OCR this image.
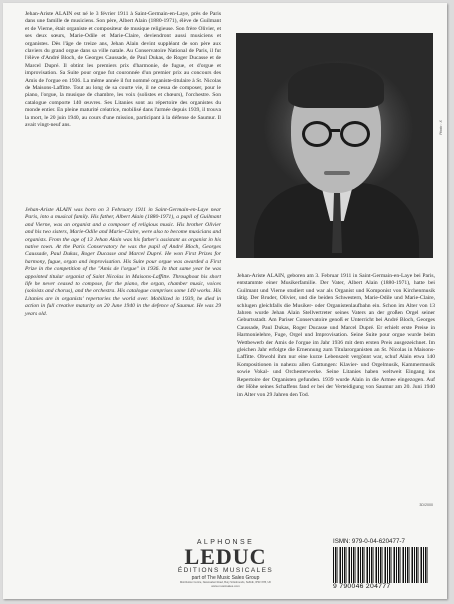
Jehan-Ariste ALAIN est né le 3 février 1911 à Saint-Germain-en-Laye, près de Paris dans une famille de musiciens. Son père, Albert Alain (1880-1971), élève de Guilmant et de Vierne, était organiste et compositeur de musique religieuse. Son frère Olivier, et ses deux sœurs, Marie-Odile et Marie-Claire, deviendront aussi musiciens et organistes. Dès l'âge de treize ans, Jehan Alain devint suppléant de son père aux claviers du grand orgue dans sa ville natale. Au Conservatoire National de Paris, il fut l'élève d'André Bloch, de Georges Caussade, de Paul Dukas, de Roger Ducasse et de Marcel Dupré. Il obtint les premiers prix d'harmonie, de fugue, et d'orgue et improvisation. Sa Suite pour orgue fut couronnée d'un premier prix au concours des Amis de l'orgue en 1936. La même année il fut nommé organiste-titulaire à St. Nicolas de Maisons-Laffitte. Tout au long de sa courte vie, il ne cessa de composer, pour le piano, l'orgue, la musique de chambre, les voix (solistes et chœurs), l'orchestre. Son catalogue comporte 140 œuvres. Ses Litanies sont au répertoire des organistes du monde entier. En pleine maturité créatrice, mobilisé dans l'armée depuis 1939, il trouva la mort, le 20 juin 1940, au cours d'une mission, participant à la défense de Saumur. Il avait vingt-neuf ans.

Jehan-Ariste ALAIN was born on 3 February 1911 in Saint-Germain-en-Laye near Paris, into a musical family. His father, Albert Alain (1880-1971), a pupil of Guilmant and Vierne, was an organist and a composer of religious music. His brother Olivier and his two sisters, Marie-Odile and Marie-Claire, were also to become musicians and organists. From the age of 13 Jehan Alain was his father's assistant as organist in his native town. At the Paris Conservatory he was the pupil of André Bloch, Georges Caussade, Paul Dukas, Roger Ducasse and Marcel Dupré. He won First Prizes for harmony, fugue, organ and improvisation. His Suite pour orgue was awarded a First Prize in the competition of the "Amis de l'orgue" in 1936. In that same year he was appointed titular organist of Saint Nicolas in Maisons-Laffitte. Throughout his short life he never ceased to compose, for the piano, the organ, chamber music, voices (soloists and chorus), and the orchestra. His catalogue comprises some 140 works. His Litanies are in organists' repertories the world over. Mobilized in 1939, he died in action in full creative maturity on 20 June 1940 in the defence of Saumur. He was 29 years old.

Photo : X

Jehan-Ariste ALAIN, geboren am 3. Februar 1911 in Saint-Germain-en-Laye bei Paris, entstammte einer Musikerfamilie. Der Vater, Albert Alain (1880-1971), hatte bei Guilmant und Vierne studiert und war als Organist und Komponist von Kirchenmusik tätig. Der Bruder, Olivier, und die beiden Schwestern, Marie-Odile und Marie-Claire, schlugen gleichfalls die Musiker- oder Organistenlaufbahn ein. Schon im Alter von 13 Jahren wurde Jehan Alain Stellvertreter seines Vaters an der großen Orgel seiner Geburtsstadt. Am Pariser Conservatoire genoß er Unterricht bei André Bloch, Georges Caussade, Paul Dukas, Roger Ducasse und Marcel Dupré. Er erhielt erste Preise in Harmonielehre, Fuge, Orgel und Improvisation. Seine Suite pour orgue wurde beim Wettbewerb der Amis de l'orgue im Jahr 1936 mit dem ersten Preis ausgezeichnet. Im gleichen Jahr erfolgte die Ernennung zum Titularorganisten an St. Nicolas in Maisons-Laffitte. Obwohl ihm nur eine kurze Lebenszeit vergönnt war, schuf Alain etwa 140 Kompositionen in nahezu allen Gattungen: Klavier- und Orgelmusik, Kammermusik sowie Vokal- und Orchesterwerke. Seine Litanies haben weltweit Eingang ins Repertoire der Organisten gefunden. 1939 wurde Alain in die Armee eingezogen. Auf der Höhe seines Schaffens fand er bei der Verteidigung von Saumur am 20. Juni 1940 im Alter von 29 Jahren den Tod.

3D/2000
ALPHONSE
LEDUC
ÉDITIONS MUSICALES
part of The Music Sales Group
Distribution Centre, Newmarket Road, Bury St Edmunds, Suffolk, IP33 3YB, UK
www.musicsales.com
ISMN: 979-0-04-620477-7
9 790046 204777
